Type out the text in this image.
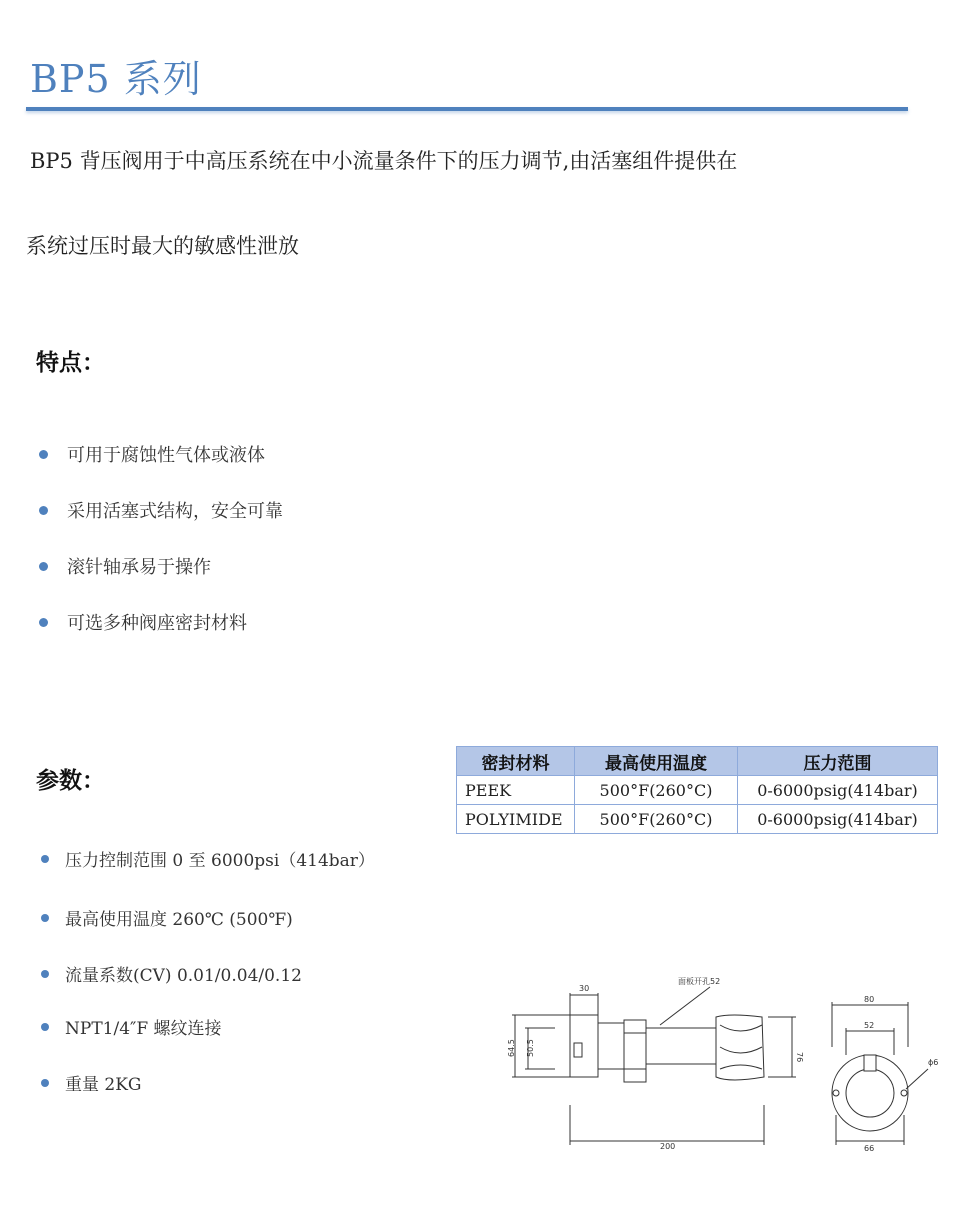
BP5 系列
BP5 背压阀用于中高压系统在中小流量条件下的压力调节,由活塞组件提供在
系统过压时最大的敏感性泄放
特点：
可用于腐蚀性气体或液体
采用活塞式结构，安全可靠
滚针轴承易于操作
可选多种阀座密封材料
参数：
压力控制范围 0 至 6000psi（414bar）
最高使用温度 260℃ (500℉)
流量系数(CV) 0.01/0.04/0.12
NPT1/4″F 螺纹连接
重量 2KG
密封材料	最高使用温度	压力范围
PEEK	500°F(260°C)	0-6000psig(414bar)
POLYIMIDE	500°F(260°C)	0-6000psig(414bar)
面板开孔52
30
64.5 50.5
76
200
80
52
66
ϕ6
